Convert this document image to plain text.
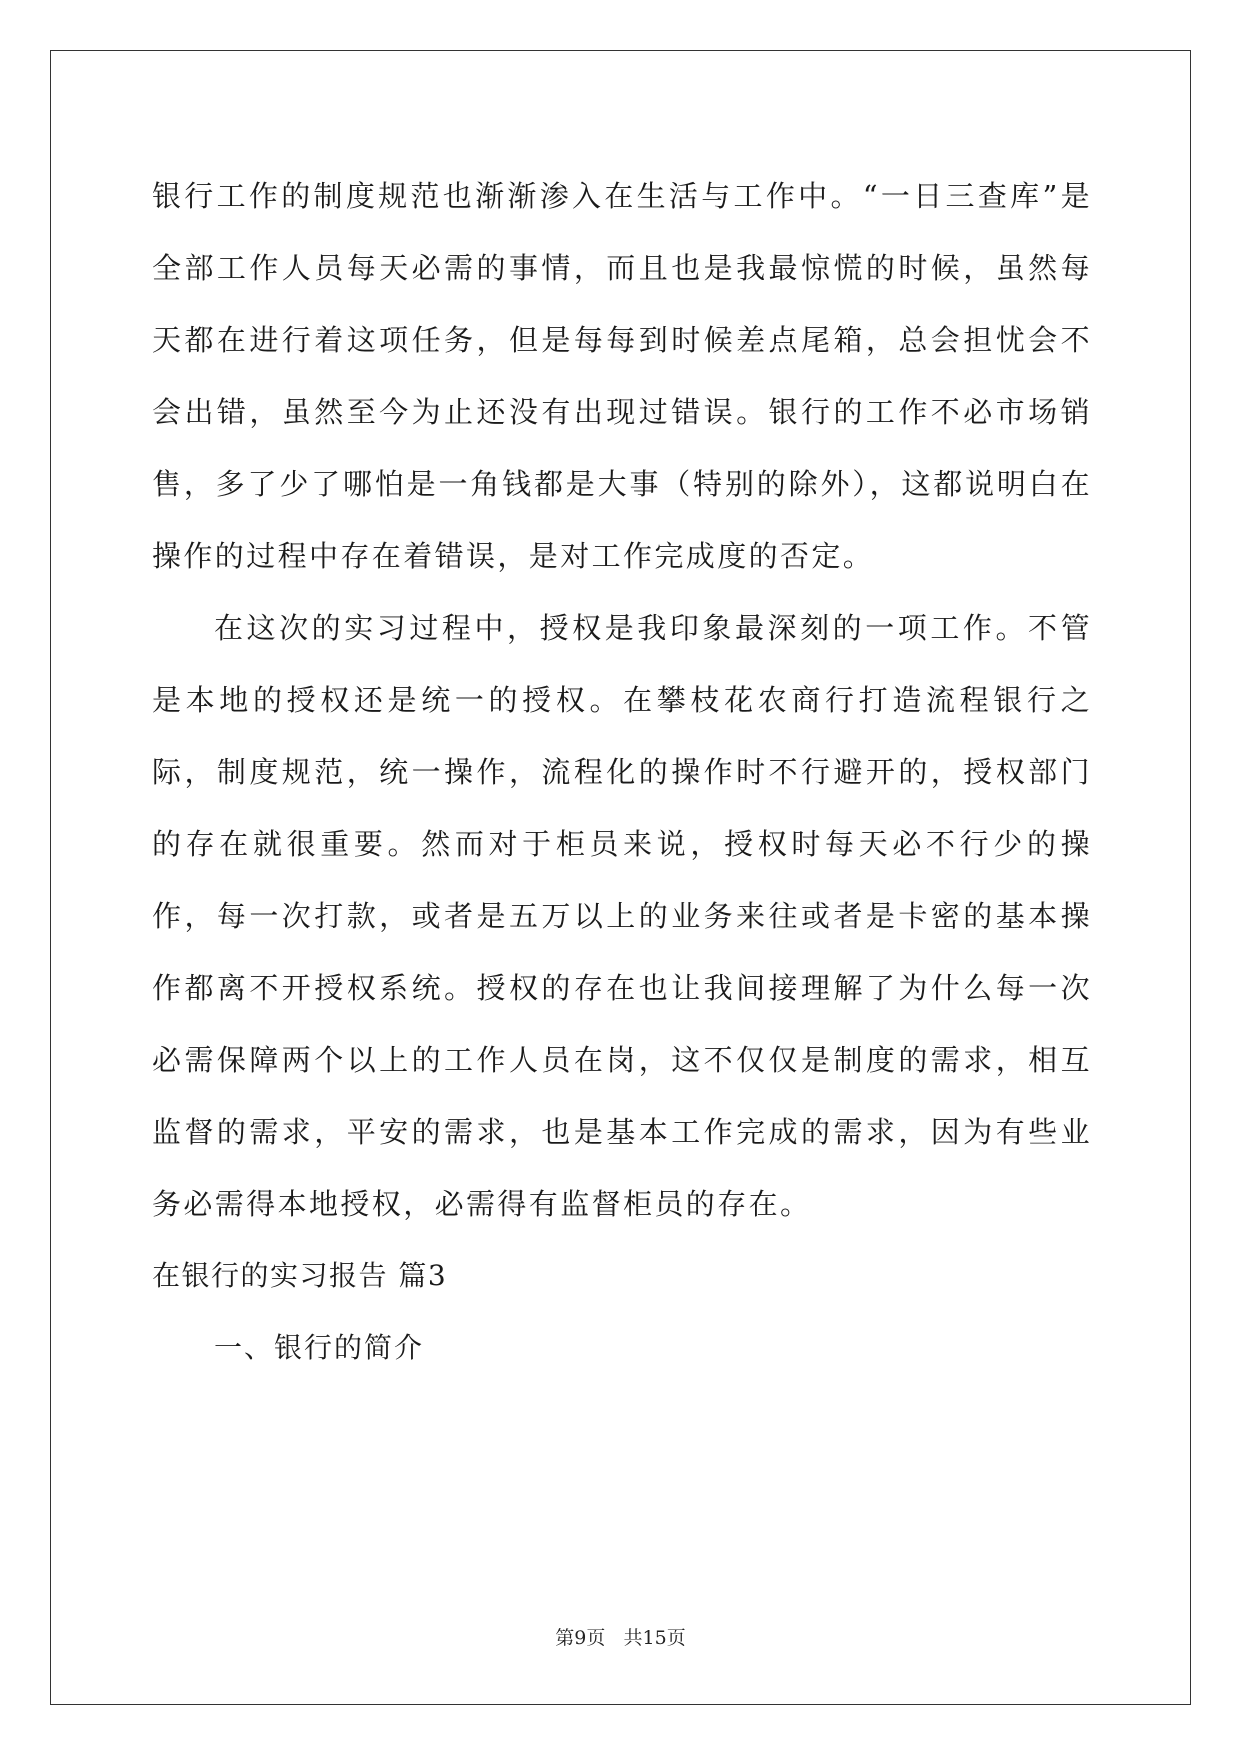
银行工作的制度规范也渐渐渗入在生活与工作中。“一日三查库”是全部工作人员每天必需的事情，而且也是我最惊慌的时候，虽然每天都在进行着这项任务，但是每每到时候差点尾箱，总会担忧会不会出错，虽然至今为止还没有出现过错误。银行的工作不必市场销售，多了少了哪怕是一角钱都是大事（特别的除外），这都说明白在操作的过程中存在着错误，是对工作完成度的否定。

在这次的实习过程中，授权是我印象最深刻的一项工作。不管是本地的授权还是统一的授权。在攀枝花农商行打造流程银行之际，制度规范，统一操作，流程化的操作时不行避开的，授权部门的存在就很重要。然而对于柜员来说，授权时每天必不行少的操作，每一次打款，或者是五万以上的业务来往或者是卡密的基本操作都离不开授权系统。授权的存在也让我间接理解了为什么每一次必需保障两个以上的工作人员在岗，这不仅仅是制度的需求，相互监督的需求，平安的需求，也是基本工作完成的需求，因为有些业务必需得本地授权，必需得有监督柜员的存在。

在银行的实习报告 篇3

一、银行的简介

第9页 共15页
